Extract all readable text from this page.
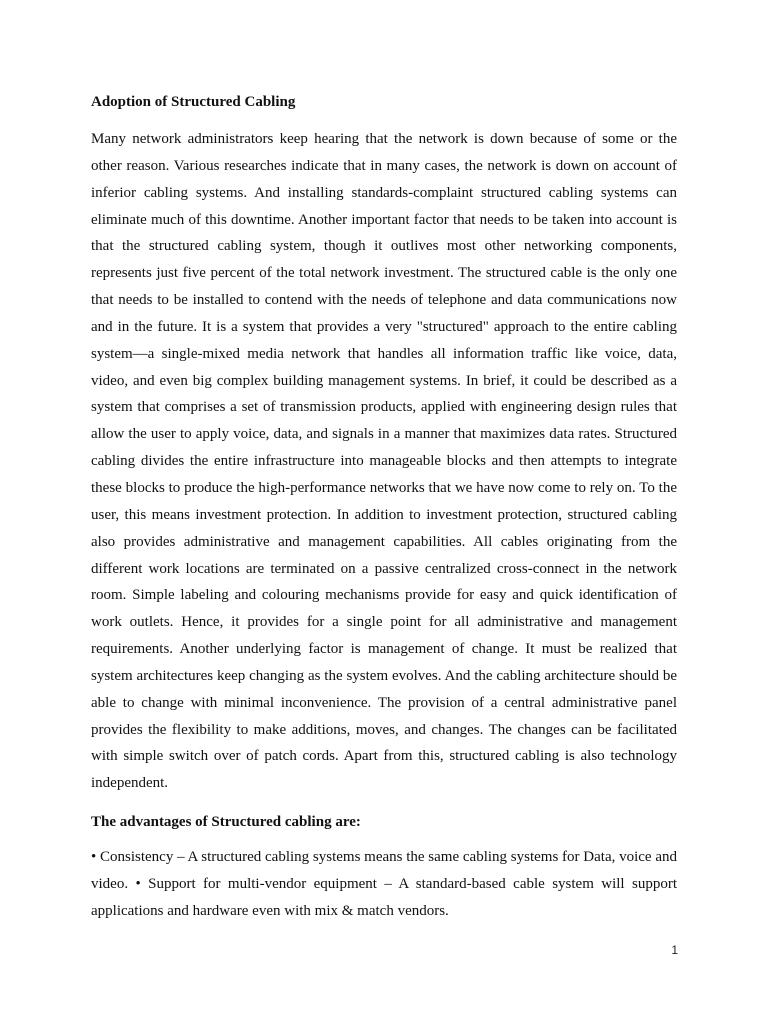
Adoption of Structured Cabling

Many network administrators keep hearing that the network is down because of some or the other reason. Various researches indicate that in many cases, the network is down on account of inferior cabling systems. And installing standards-complaint structured cabling systems can eliminate much of this downtime. Another important factor that needs to be taken into account is that the structured cabling system, though it outlives most other networking components, represents just five percent of the total network investment. The structured cable is the only one that needs to be installed to contend with the needs of telephone and data communications now and in the future. It is a system that provides a very "structured" approach to the entire cabling system—a single-mixed media network that handles all information traffic like voice, data, video, and even big complex building management systems. In brief, it could be described as a system that comprises a set of transmission products, applied with engineering design rules that allow the user to apply voice, data, and signals in a manner that maximizes data rates. Structured cabling divides the entire infrastructure into manageable blocks and then attempts to integrate these blocks to produce the high-performance networks that we have now come to rely on. To the user, this means investment protection. In addition to investment protection, structured cabling also provides administrative and management capabilities. All cables originating from the different work locations are terminated on a passive centralized cross-connect in the network room. Simple labeling and colouring mechanisms provide for easy and quick identification of work outlets. Hence, it provides for a single point for all administrative and management requirements. Another underlying factor is management of change. It must be realized that system architectures keep changing as the system evolves. And the cabling architecture should be able to change with minimal inconvenience. The provision of a central administrative panel provides the flexibility to make additions, moves, and changes. The changes can be facilitated with simple switch over of patch cords. Apart from this, structured cabling is also technology independent.

The advantages of Structured cabling are:

• Consistency – A structured cabling systems means the same cabling systems for Data, voice and video. • Support for multi-vendor equipment – A standard-based cable system will support applications and hardware even with mix & match vendors.

1
